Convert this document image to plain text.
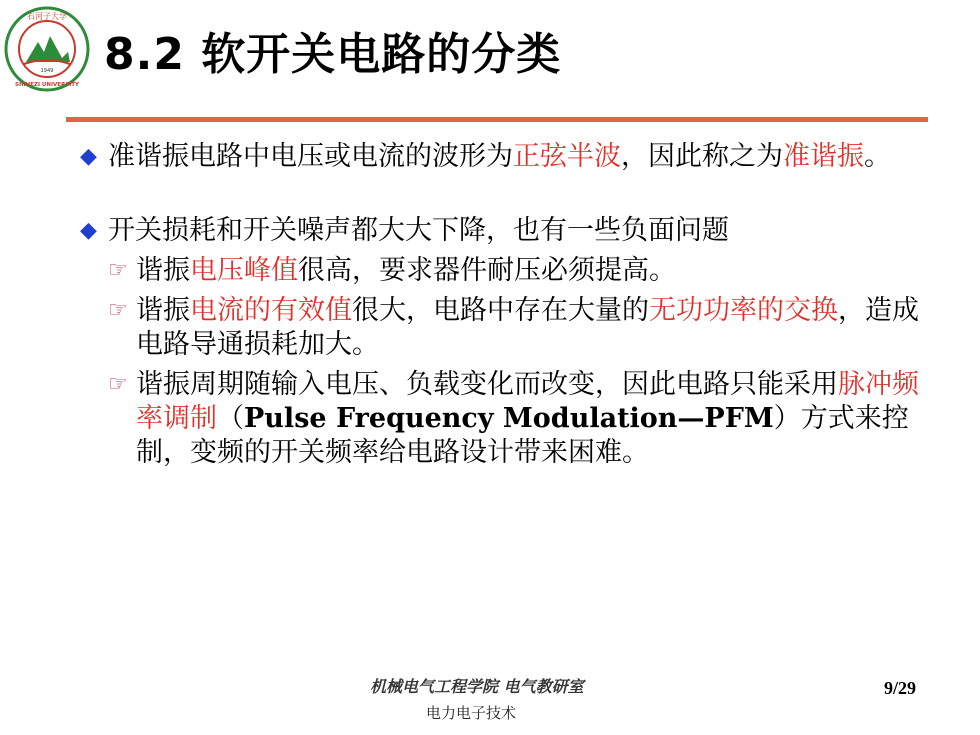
石河子大学
1949
SHIHEZI UNIVERSITY
8.2 软开关电路的分类
◆ 准谐振电路中电压或电流的波形为正弦半波，因此称之为准谐振。
◆ 开关损耗和开关噪声都大大下降，也有一些负面问题
☞ 谐振电压峰值很高，要求器件耐压必须提高。
☞ 谐振电流的有效值很大，电路中存在大量的无功功率的交换，造成电路导通损耗加大。
☞ 谐振周期随输入电压、负载变化而改变，因此电路只能采用脉冲频率调制（Pulse Frequency Modulation—PFM）方式来控制，变频的开关频率给电路设计带来困难。
机械电气工程学院 电气教研室
电力电子技术
9/29
